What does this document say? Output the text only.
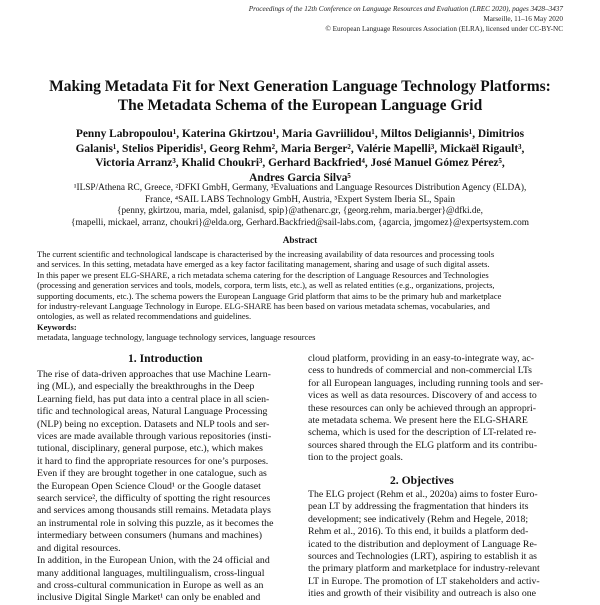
Proceedings of the 12th Conference on Language Resources and Evaluation (LREC 2020), pages 3428–3437
Marseille, 11–16 May 2020
© European Language Resources Association (ELRA), licensed under CC-BY-NC
Making Metadata Fit for Next Generation Language Technology Platforms:
The Metadata Schema of the European Language Grid
Penny Labropoulou¹, Katerina Gkirtzou¹, Maria Gavriilidou¹, Miltos Deligiannis¹, Dimitrios
Galanis¹, Stelios Piperidis¹, Georg Rehm², Maria Berger², Valérie Mapelli³, Mickaël Rigault³,
Victoria Arranz³, Khalid Choukri³, Gerhard Backfried⁴, José Manuel Gómez Pérez⁵,
Andres Garcia Silva⁵
¹ILSP/Athena RC, Greece, ²DFKI GmbH, Germany, ³Evaluations and Language Resources Distribution Agency (ELDA),
France, ⁴SAIL LABS Technology GmbH, Austria, ⁵Expert System Iberia SL, Spain
{penny, gkirtzou, maria, mdel, galanisd, spip}@athenarc.gr, {georg.rehm, maria.berger}@dfki.de,
{mapelli, mickael, arranz, choukri}@elda.org, Gerhard.Backfried@sail-labs.com, {agarcia, jmgomez}@expertsystem.com
Abstract
The current scientific and technological landscape is characterised by the increasing availability of data resources and processing tools
and services. In this setting, metadata have emerged as a key factor facilitating management, sharing and usage of such digital assets.
In this paper we present ELG-SHARE, a rich metadata schema catering for the description of Language Resources and Technologies
(processing and generation services and tools, models, corpora, term lists, etc.), as well as related entities (e.g., organizations, projects,
supporting documents, etc.). The schema powers the European Language Grid platform that aims to be the primary hub and marketplace
for industry-relevant Language Technology in Europe. ELG-SHARE has been based on various metadata schemas, vocabularies, and
ontologies, as well as related recommendations and guidelines.
Keywords:
metadata, language technology, language technology services, language resources
1. Introduction
The rise of data-driven approaches that use Machine Learn-
ing (ML), and especially the breakthroughs in the Deep
Learning field, has put data into a central place in all scien-
tific and technological areas, Natural Language Processing
(NLP) being no exception. Datasets and NLP tools and ser-
vices are made available through various repositories (insti-
tutional, disciplinary, general purpose, etc.), which makes
it hard to find the appropriate resources for one’s purposes.
Even if they are brought together in one catalogue, such as
the European Open Science Cloud¹ or the Google dataset
search service², the difficulty of spotting the right resources
and services among thousands still remains. Metadata plays
an instrumental role in solving this puzzle, as it becomes the
intermediary between consumers (humans and machines)
and digital resources.
In addition, in the European Union, with the 24 official and
many additional languages, multilingualism, cross-lingual
and cross-cultural communication in Europe as well as an
inclusive Digital Single Market¹ can only be enabled and
cloud platform, providing in an easy-to-integrate way, ac-
cess to hundreds of commercial and non-commercial LTs
for all European languages, including running tools and ser-
vices as well as data resources. Discovery of and access to
these resources can only be achieved through an appropri-
ate metadata schema. We present here the ELG-SHARE
schema, which is used for the description of LT-related re-
sources shared through the ELG platform and its contribu-
tion to the project goals.
2. Objectives
The ELG project (Rehm et al., 2020a) aims to foster Euro-
pean LT by addressing the fragmentation that hinders its
development; see indicatively (Rehm and Hegele, 2018;
Rehm et al., 2016). To this end, it builds a platform ded-
icated to the distribution and deployment of Language Re-
sources and Technologies (LRT), aspiring to establish it as
the primary platform and marketplace for industry-relevant
LT in Europe. The promotion of LT stakeholders and activ-
ities and growth of their visibility and outreach is also one
